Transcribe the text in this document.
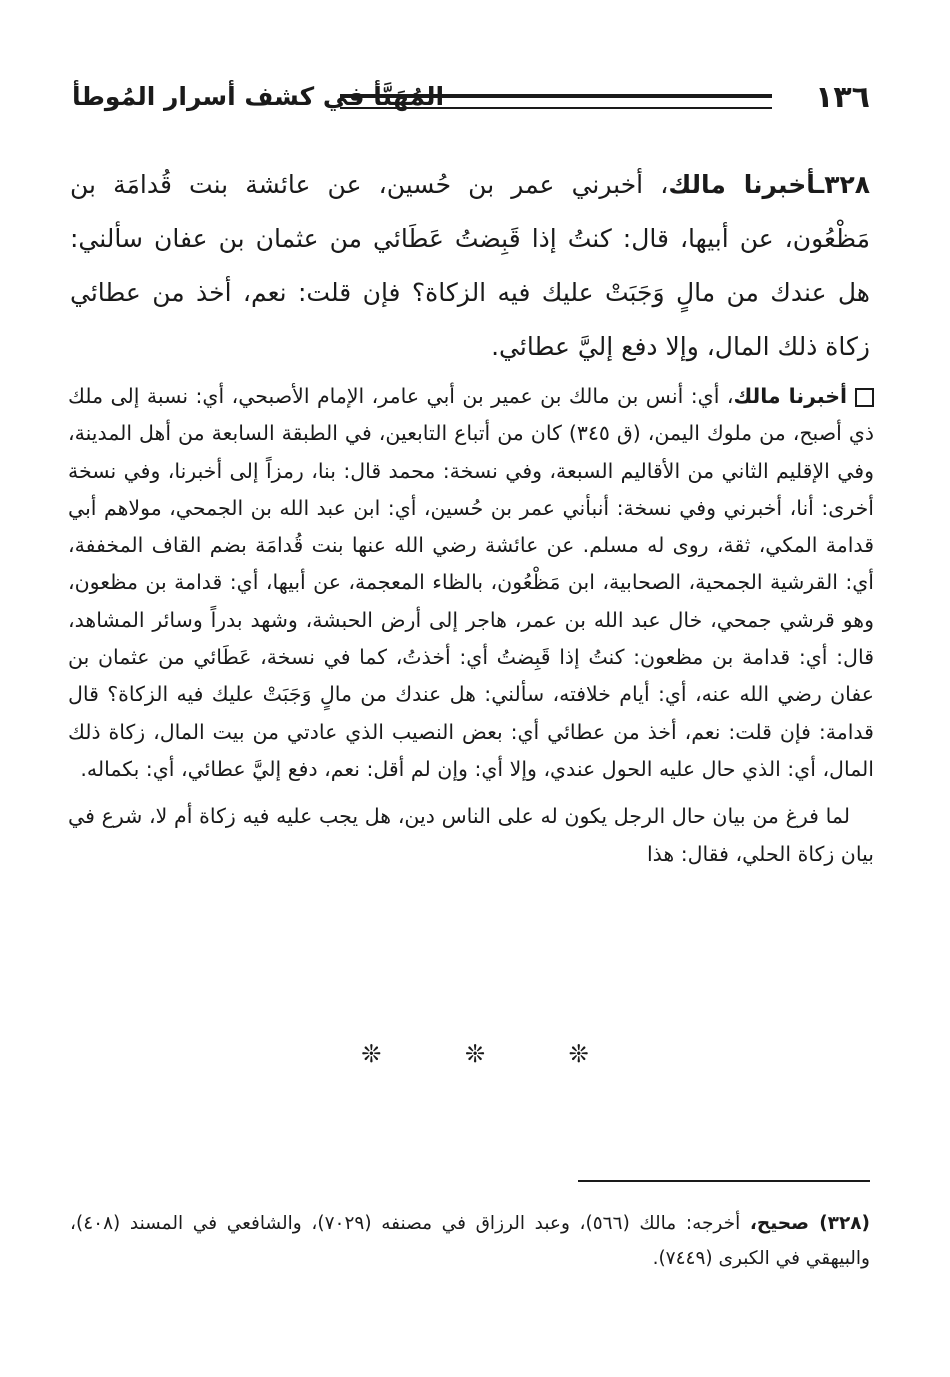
١٣٦
المُهَيَّأ في كشف أسرار المُوطأ
٣٢٨ـأخبرنا مالك، أخبرني عمر بن حُسين، عن عائشة بنت قُدامَة بن مَظْعُون، عن أبيها، قال: كنتُ إذا قَبِضتُ عَطَائي من عثمان بن عفان سألني: هل عندك من مالٍ وَجَبَتْ عليك فيه الزكاة؟ فإن قلت: نعم، أخذ من عطائي زكاة ذلك المال، وإلا دفع إليَّ عطائي.

أخبرنا مالك، أي: أنس بن مالك بن عمير بن أبي عامر، الإمام الأصبحي، أي: نسبة إلى ملك ذي أصبح، من ملوك اليمن، (ق ٣٤٥) كان من أتباع التابعين، في الطبقة السابعة من أهل المدينة، وفي الإقليم الثاني من الأقاليم السبعة، وفي نسخة: محمد قال: بنا، رمزاً إلى أخبرنا، وفي نسخة أخرى: أنا، أخبرني وفي نسخة: أنبأني عمر بن حُسين، أي: ابن عبد الله بن الجمحي، مولاهم أبي قدامة المكي، ثقة، روى له مسلم. عن عائشة رضي الله عنها بنت قُدامَة بضم القاف المخففة، أي: القرشية الجمحية، الصحابية، ابن مَظْعُون، بالظاء المعجمة، عن أبيها، أي: قدامة بن مظعون، وهو قرشي جمحي، خال عبد الله بن عمر، هاجر إلى أرض الحبشة، وشهد بدراً وسائر المشاهد، قال: أي: قدامة بن مظعون: كنتُ إذا قَبِضتُ أي: أخذتُ، كما في نسخة، عَطَائي من عثمان بن عفان رضي الله عنه، أي: أيام خلافته، سألني: هل عندك من مالٍ وَجَبَتْ عليك فيه الزكاة؟ قال قدامة: فإن قلت: نعم، أخذ من عطائي أي: بعض النصيب الذي عادتي من بيت المال، زكاة ذلك المال، أي: الذي حال عليه الحول عندي، وإلا أي: وإن لم أقل: نعم، دفع إليَّ عطائي، أي: بكماله.

لما فرغ من بيان حال الرجل يكون له على الناس دين، هل يجب عليه فيه زكاة أم لا، شرع في بيان زكاة الحلي، فقال: هذا

❊ ❊ ❊
(٣٢٨) صحيح، أخرجه: مالك (٥٦٦)، وعبد الرزاق في مصنفه (٧٠٢٩)، والشافعي في المسند (٤٠٨)، والبيهقي في الكبرى (٧٤٤٩).
